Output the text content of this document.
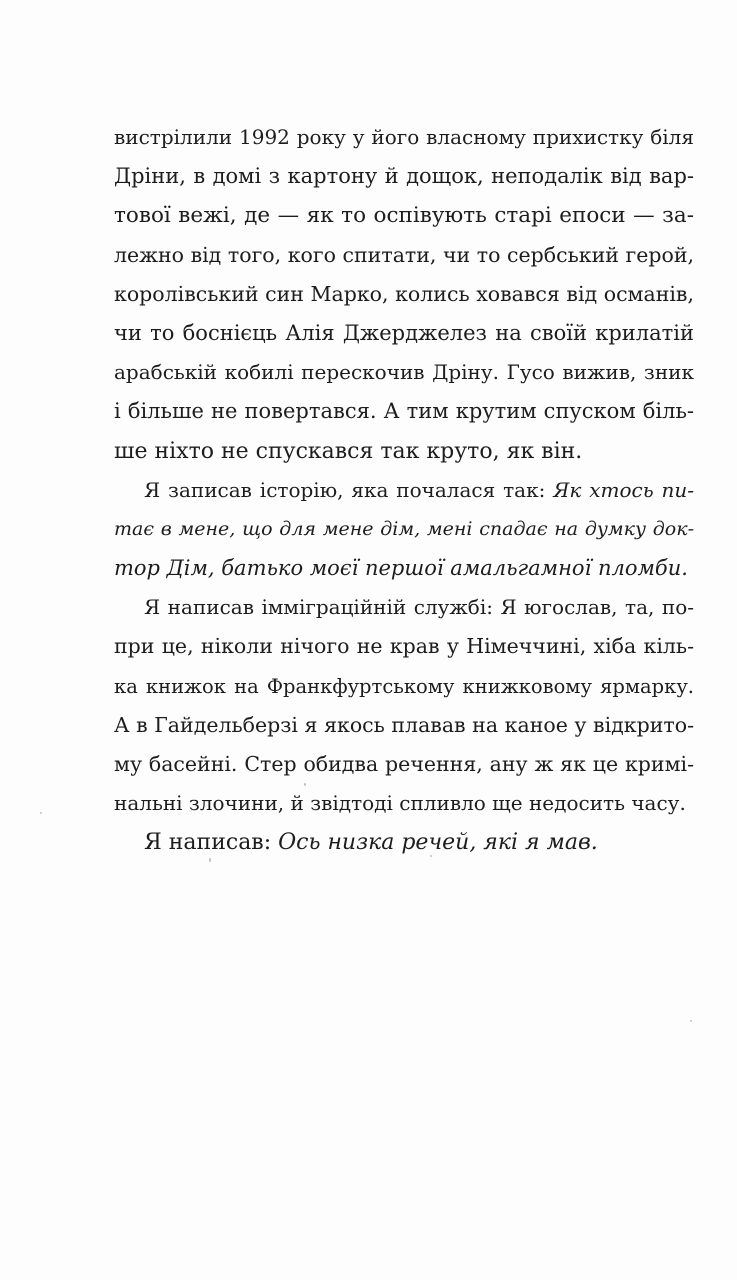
вистрілили 1992 року у його власному прихистку біля
Дріни, в домі з картону й дощок, неподалік від вар-
тової вежі, де — як то оспівують старі епоси — за-
лежно від того, кого спитати, чи то сербський герой,
королівський син Марко, колись ховався від османів,
чи то боснієць Алія Джерджелез на своїй крилатій
арабській кобилі перескочив Дріну. Гусо вижив, зник
і більше не повертався. А тим крутим спуском біль-
ше ніхто не спускався так круто, як він.
Я записав історію, яка почалася так: Як хтось пи-
тає в мене, що для мене дім, мені спадає на думку док-
тор Дім, батько моєї першої амальгамної пломби.
Я написав імміграційній службі: Я югослав, та, по-
при це, ніколи нічого не крав у Німеччині, хіба кіль-
ка книжок на Франкфуртському книжковому ярмарку.
А в Гайдельберзі я якось плавав на каное у відкрито-
му басейні. Стер обидва речення, ану ж як це кримі-
нальні злочини, й звідтоді спливло ще недосить часу.
Я написав: Ось низка речей, які я мав.
